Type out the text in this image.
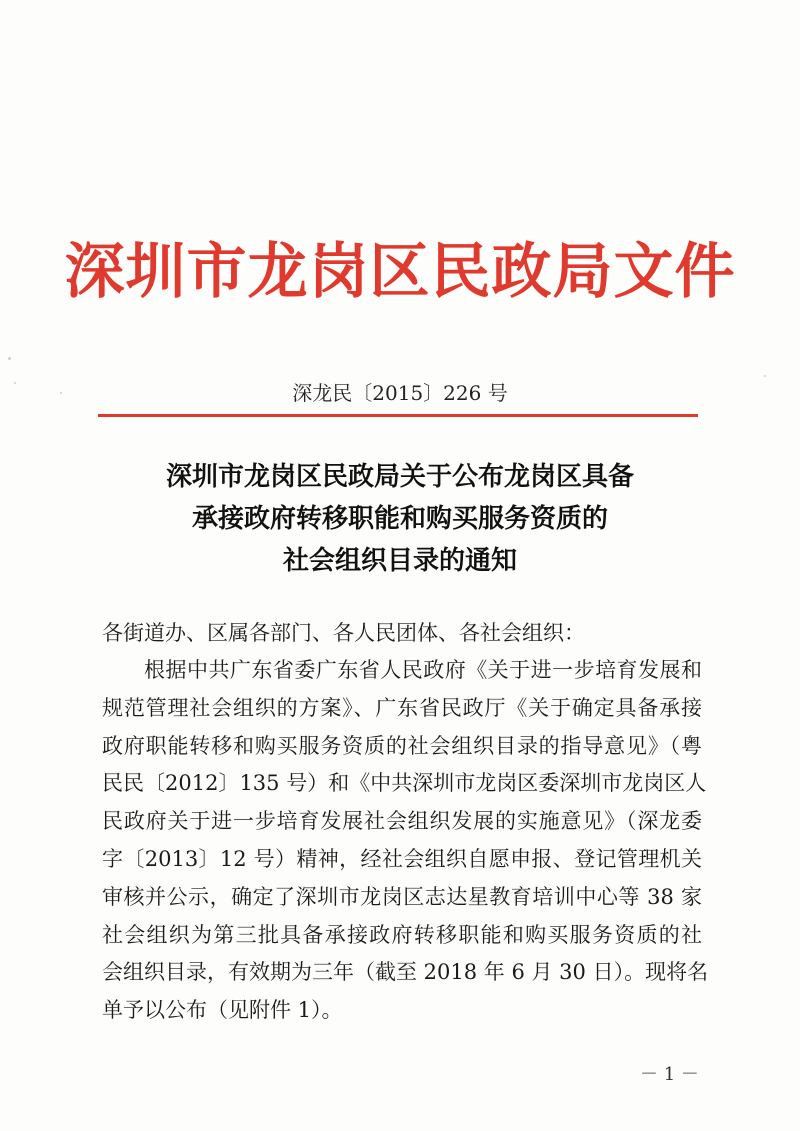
深圳市龙岗区民政局文件
深龙民〔2015〕226 号
深圳市龙岗区民政局关于公布龙岗区具备
承接政府转移职能和购买服务资质的
社会组织目录的通知
各街道办、区属各部门、各人民团体、各社会组织：
根据中共广东省委广东省人民政府《关于进一步培育发展和
规范管理社会组织的方案》、广东省民政厅《关于确定具备承接
政府职能转移和购买服务资质的社会组织目录的指导意见》（粤
民民〔2012〕135 号）和《中共深圳市龙岗区委深圳市龙岗区人
民政府关于进一步培育发展社会组织发展的实施意见》（深龙委
字〔2013〕12 号）精神，经社会组织自愿申报、登记管理机关
审核并公示，确定了深圳市龙岗区志达星教育培训中心等 38 家
社会组织为第三批具备承接政府转移职能和购买服务资质的社
会组织目录，有效期为三年（截至 2018 年 6 月 30 日）。现将名
单予以公布（见附件 1）。
－ 1 －
